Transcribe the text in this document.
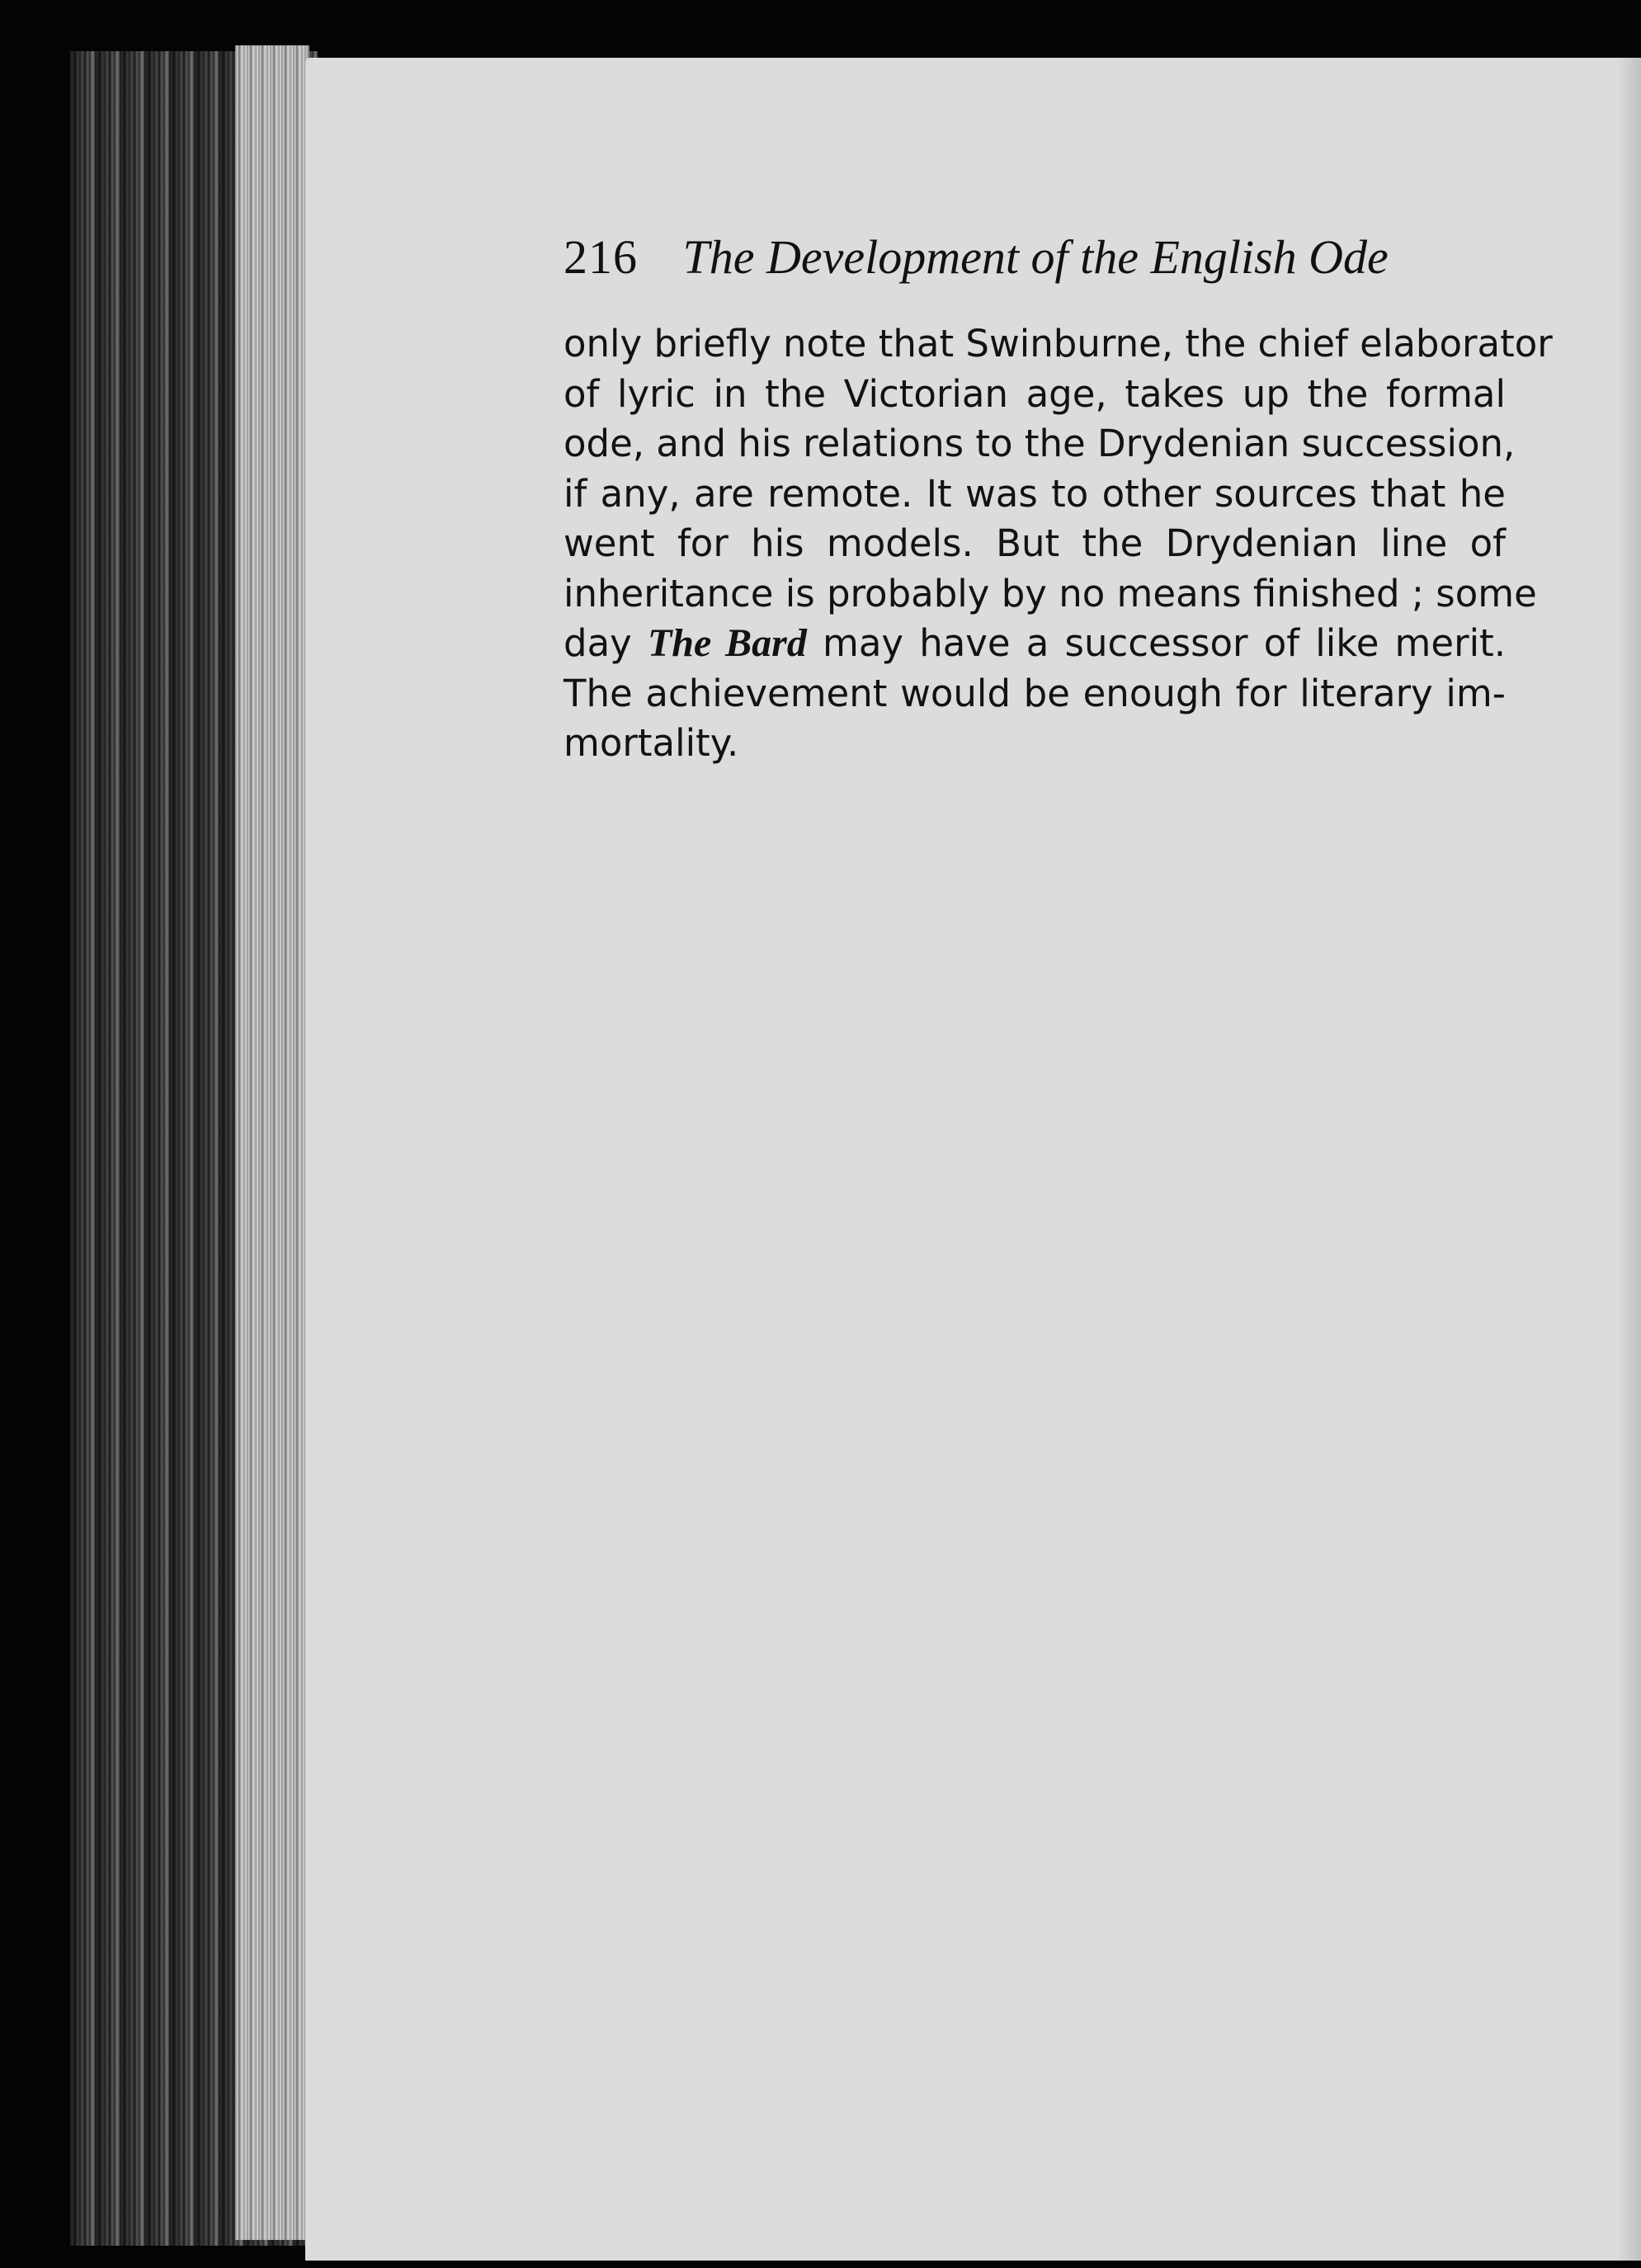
216 The Development of the English Ode
only briefly note that Swinburne, the chief elaborator
of lyric in the Victorian age, takes up the formal
ode, and his relations to the Drydenian succession,
if any, are remote. It was to other sources that he
went for his models. But the Drydenian line of
inheritance is probably by no means finished ; some
day The Bard may have a successor of like merit.
The achievement would be enough for literary im-
mortality.
